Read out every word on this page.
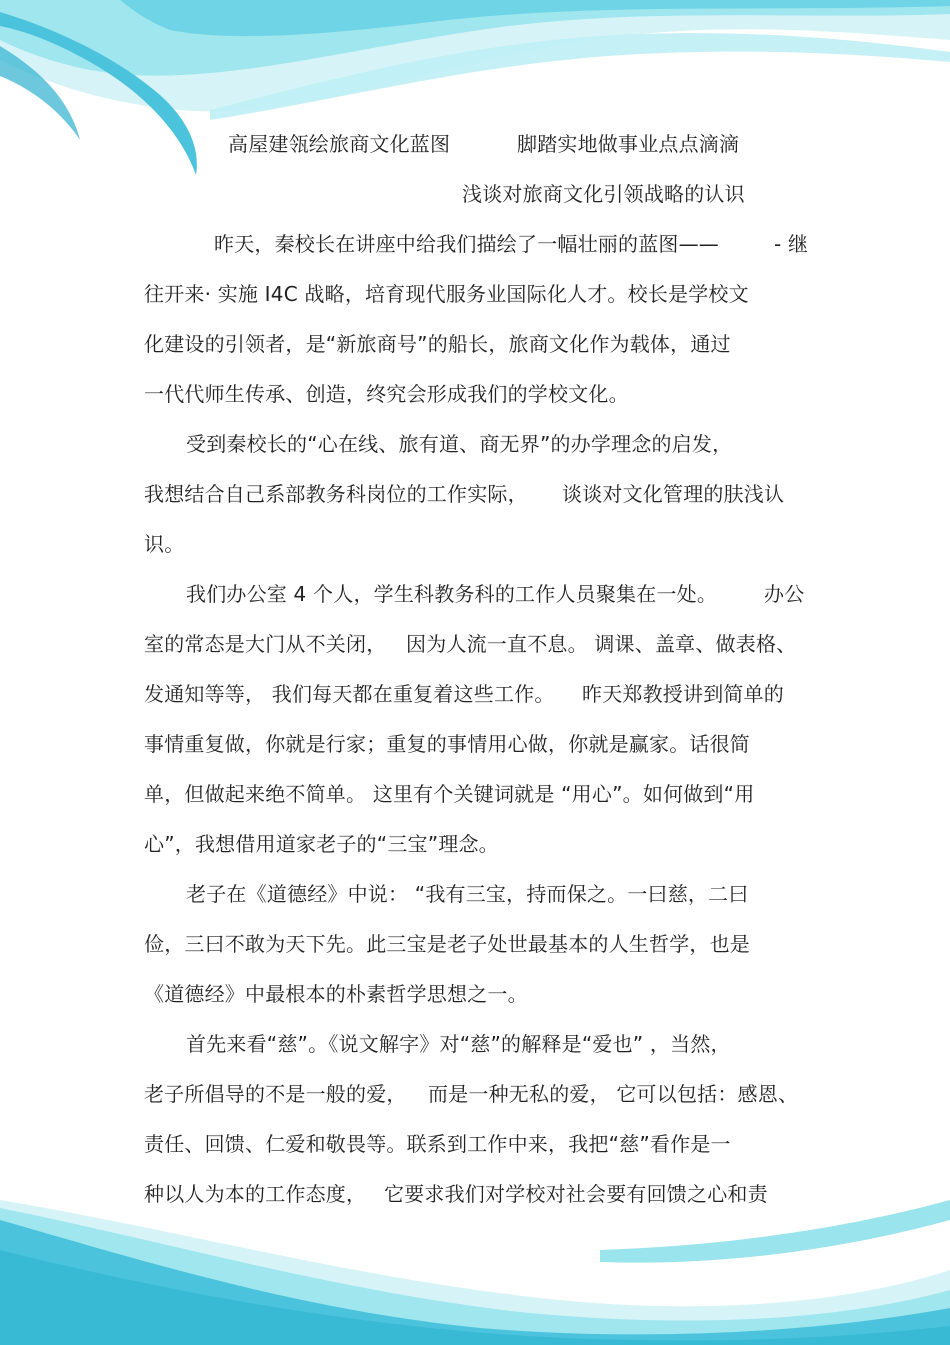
高屋建瓴绘旅商文化蓝图	脚踏实地做事业点点滴滴
浅谈对旅商文化引领战略的认识
昨天，秦校长在讲座中给我们描绘了一幅壮丽的蓝图——	- 继
往开来· 实施 I4C 战略，培育现代服务业国际化人才。校长是学校文
化建设的引领者，是“新旅商号”的船长，旅商文化作为载体，通过
一代代师生传承、创造，终究会形成我们的学校文化。
受到秦校长的“心在线、旅有道、商无界”的办学理念的启发，
我想结合自己系部教务科岗位的工作实际， 谈谈对文化管理的肤浅认
识。
我们办公室 4 个人，学生科教务科的工作人员聚集在一处。 办公
室的常态是大门从不关闭， 因为人流一直不息。 调课、盖章、做表格、
发通知等等， 我们每天都在重复着这些工作。 昨天郑教授讲到简单的
事情重复做，你就是行家；重复的事情用心做，你就是赢家。话很简
单，但做起来绝不简单。 这里有个关键词就是 “用心”。如何做到“用
心”，我想借用道家老子的“三宝”理念。
老子在《道德经》中说： “我有三宝，持而保之。一曰慈，二曰
俭，三曰不敢为天下先。此三宝是老子处世最基本的人生哲学，也是
《道德经》中最根本的朴素哲学思想之一。
首先来看“慈”。《说文解字》对“慈”的解释是“爱也” ，当然，
老子所倡导的不是一般的爱， 而是一种无私的爱， 它可以包括：感恩、
责任、回馈、仁爱和敬畏等。联系到工作中来，我把“慈”看作是一
种以人为本的工作态度， 它要求我们对学校对社会要有回馈之心和责
